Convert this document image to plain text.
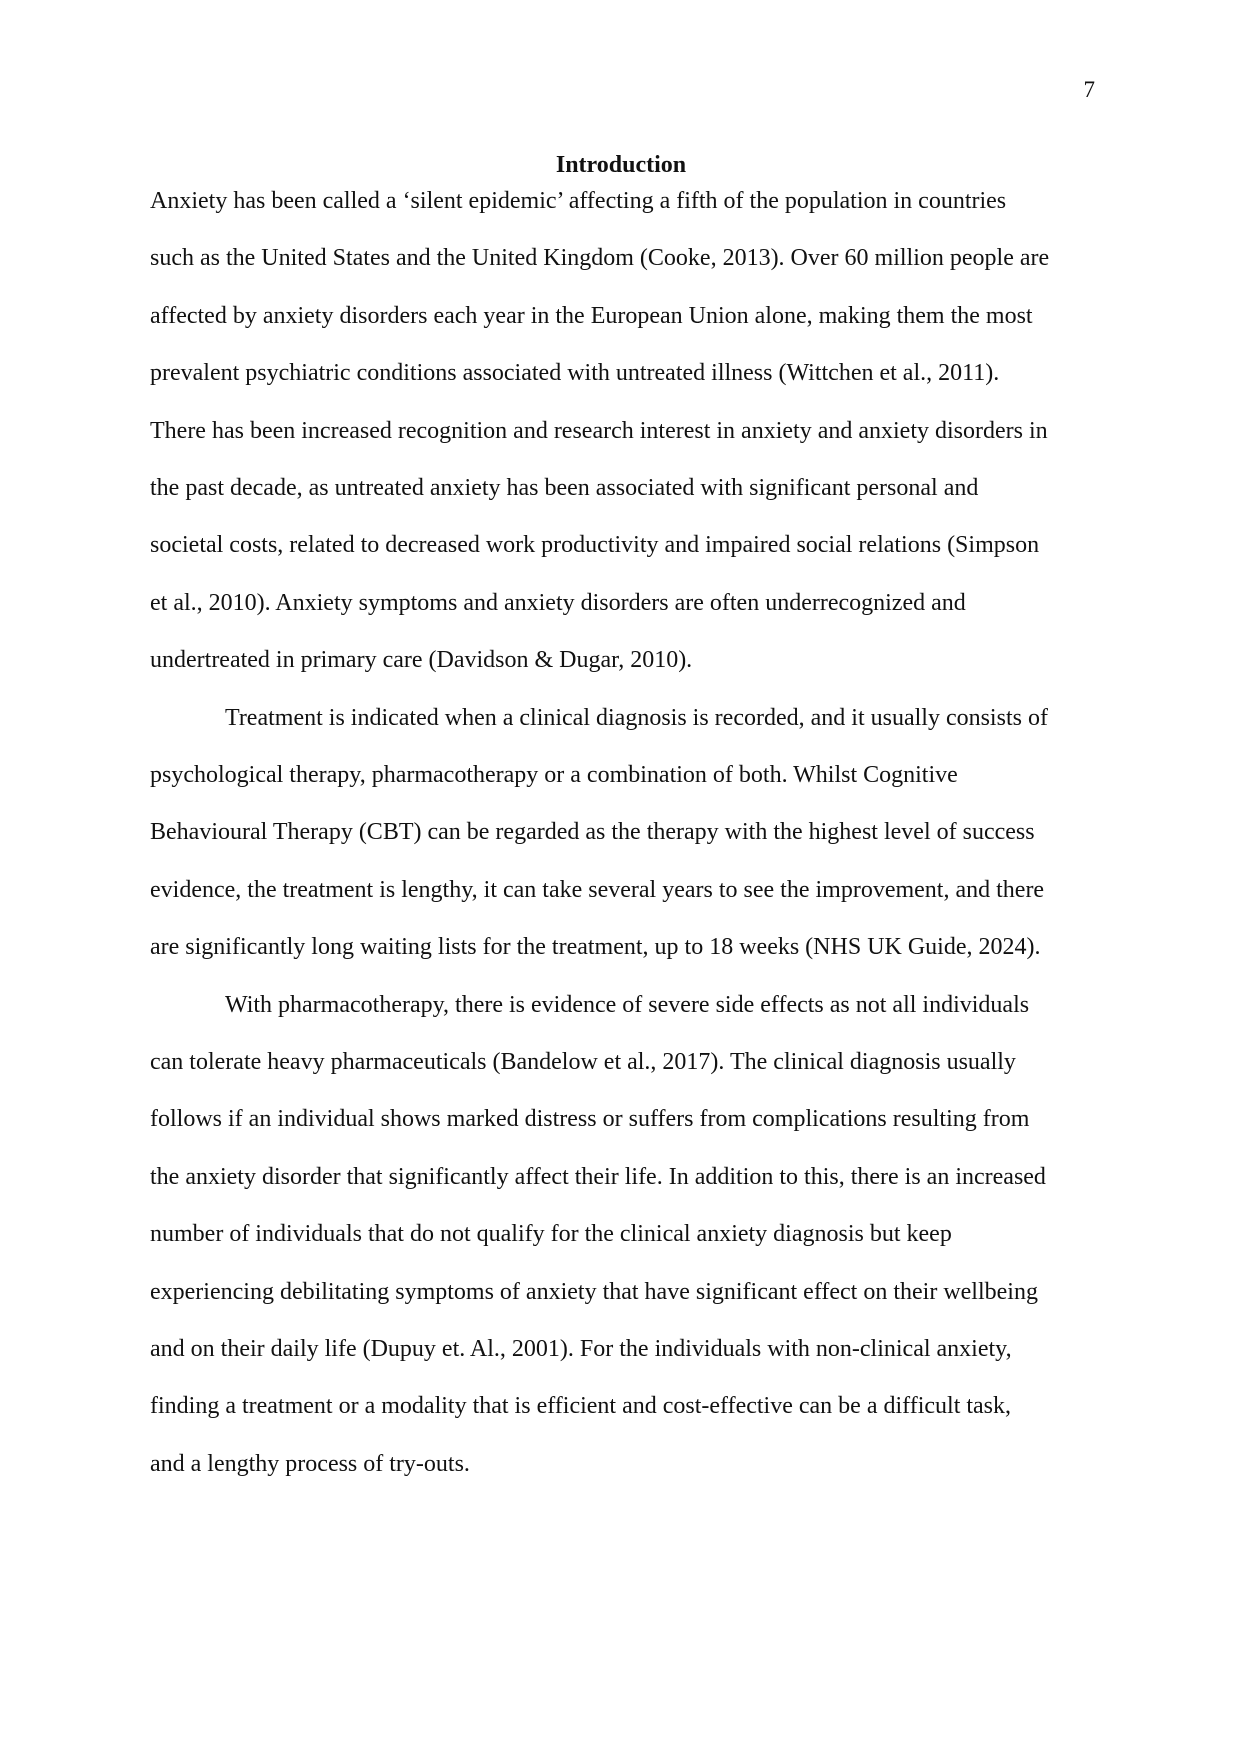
7
Introduction
Anxiety has been called a ‘silent epidemic’ affecting a fifth of the population in countries
such as the United States and the United Kingdom (Cooke, 2013). Over 60 million people are
affected by anxiety disorders each year in the European Union alone, making them the most
prevalent psychiatric conditions associated with untreated illness (Wittchen et al., 2011).
There has been increased recognition and research interest in anxiety and anxiety disorders in
the past decade, as untreated anxiety has been associated with significant personal and
societal costs, related to decreased work productivity and impaired social relations (Simpson
et al., 2010). Anxiety symptoms and anxiety disorders are often underrecognized and
undertreated in primary care (Davidson & Dugar, 2010).
Treatment is indicated when a clinical diagnosis is recorded, and it usually consists of
psychological therapy, pharmacotherapy or a combination of both. Whilst Cognitive
Behavioural Therapy (CBT) can be regarded as the therapy with the highest level of success
evidence, the treatment is lengthy, it can take several years to see the improvement, and there
are significantly long waiting lists for the treatment, up to 18 weeks (NHS UK Guide, 2024).
With pharmacotherapy, there is evidence of severe side effects as not all individuals
can tolerate heavy pharmaceuticals (Bandelow et al., 2017). The clinical diagnosis usually
follows if an individual shows marked distress or suffers from complications resulting from
the anxiety disorder that significantly affect their life. In addition to this, there is an increased
number of individuals that do not qualify for the clinical anxiety diagnosis but keep
experiencing debilitating symptoms of anxiety that have significant effect on their wellbeing
and on their daily life (Dupuy et. Al., 2001). For the individuals with non-clinical anxiety,
finding a treatment or a modality that is efficient and cost-effective can be a difficult task,
and a lengthy process of try-outs.
